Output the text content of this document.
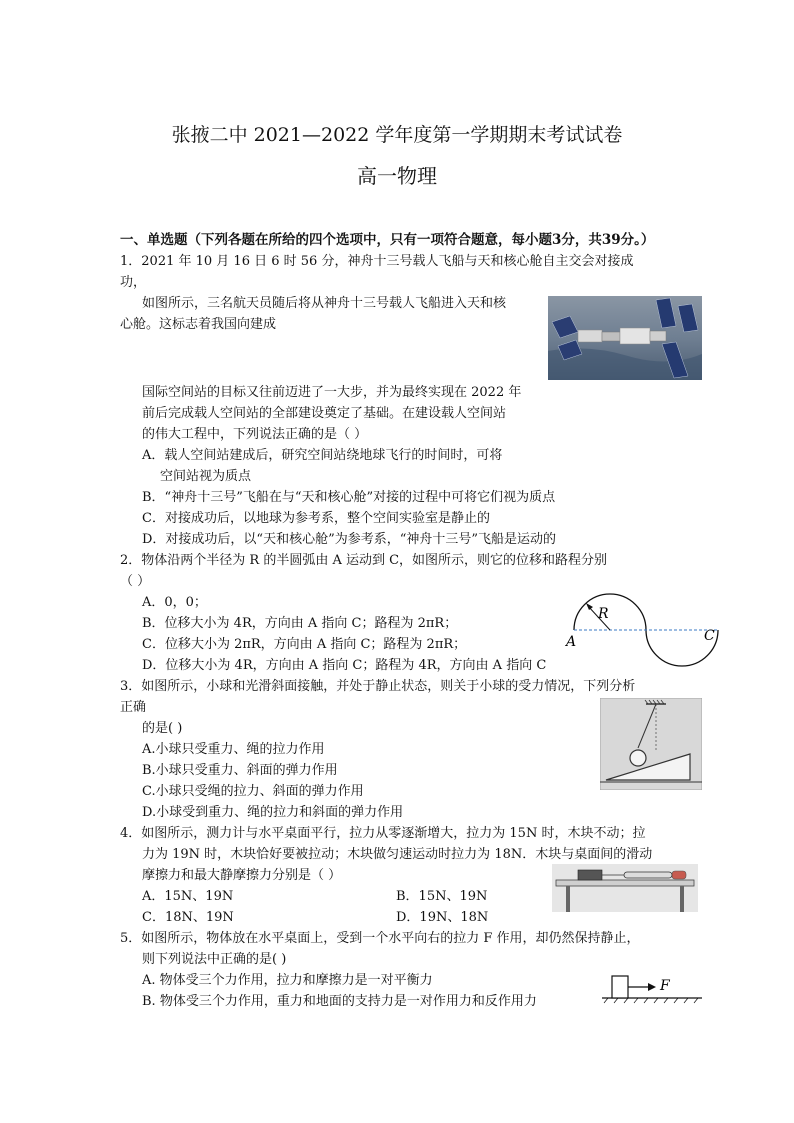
张掖二中 2021—2022 学年度第一学期期末考试试卷
高一物理
一、单选题（下列各题在所给的四个选项中，只有一项符合题意，每小题3分，共39分。）
1．2021 年 10 月 16 日 6 时 56 分，神舟十三号载人飞船与天和核心舱自主交会对接成
功，
如图所示，三名航天员随后将从神舟十三号载人飞船进入天和核
心舱。这标志着我国向建成
国际空间站的目标又往前迈进了一大步，并为最终实现在 2022 年
前后完成载人空间站的全部建设奠定了基础。在建设载人空间站
的伟大工程中，下列说法正确的是（ ）
A．载人空间站建成后，研究空间站绕地球飞行的时间时，可将
空间站视为质点
B．“神舟十三号”飞船在与“天和核心舱”对接的过程中可将它们视为质点
C．对接成功后，以地球为参考系，整个空间实验室是静止的
D．对接成功后，以“天和核心舱”为参考系，“神舟十三号”飞船是运动的
2．物体沿两个半径为 R 的半圆弧由 A 运动到 C，如图所示，则它的位移和路程分别
（ ）
A．0，0；
B．位移大小为 4R，方向由 A 指向 C；路程为 2πR；
C．位移大小为 2πR，方向由 A 指向 C；路程为 2πR；
D．位移大小为 4R，方向由 A 指向 C；路程为 4R，方向由 A 指向 C
R
A	C
3．如图所示，小球和光滑斜面接触，并处于静止状态，则关于小球的受力情况，下列分析
正确
的是( )
A.小球只受重力、绳的拉力作用
B.小球只受重力、斜面的弹力作用
C.小球只受绳的拉力、斜面的弹力作用
D.小球受到重力、绳的拉力和斜面的弹力作用
4．如图所示，测力计与水平桌面平行，拉力从零逐渐增大，拉力为 15N 时，木块不动；拉
力为 19N 时，木块恰好要被拉动；木块做匀速运动时拉力为 18N．木块与桌面间的滑动
摩擦力和最大静摩擦力分别是（ ）
A．15N、19N	B．15N、19N
C．18N、19N	D．19N、18N
5．如图所示，物体放在水平桌面上，受到一个水平向右的拉力 F 作用，却仍然保持静止，
则下列说法中正确的是( )
A. 物体受三个力作用，拉力和摩擦力是一对平衡力
B. 物体受三个力作用，重力和地面的支持力是一对作用力和反作用力
F
